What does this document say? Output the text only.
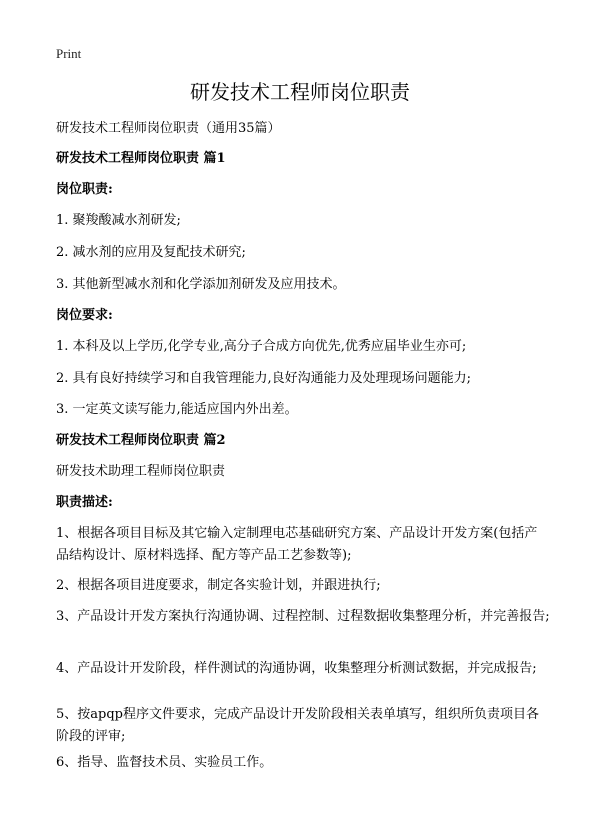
Print
研发技术工程师岗位职责
研发技术工程师岗位职责（通用35篇）
研发技术工程师岗位职责 篇1
岗位职责:
1. 聚羧酸减水剂研发;
2. 减水剂的应用及复配技术研究;
3. 其他新型减水剂和化学添加剂研发及应用技术。
岗位要求:
1. 本科及以上学历,化学专业,高分子合成方向优先,优秀应届毕业生亦可;
2. 具有良好持续学习和自我管理能力,良好沟通能力及处理现场问题能力;
3. 一定英文读写能力,能适应国内外出差。
研发技术工程师岗位职责 篇2
研发技术助理工程师岗位职责
职责描述:
1、根据各项目目标及其它输入定制理电芯基础研究方案、产品设计开发方案(包括产品结构设计、原材料选择、配方等产品工艺参数等);
2、根据各项目进度要求，制定各实验计划，并跟进执行;
3、产品设计开发方案执行沟通协调、过程控制、过程数据收集整理分析，并完善报告;
4、产品设计开发阶段，样件测试的沟通协调，收集整理分析测试数据，并完成报告;
5、按apqp程序文件要求，完成产品设计开发阶段相关表单填写，组织所负责项目各阶段的评审;
6、指导、监督技术员、实验员工作。
